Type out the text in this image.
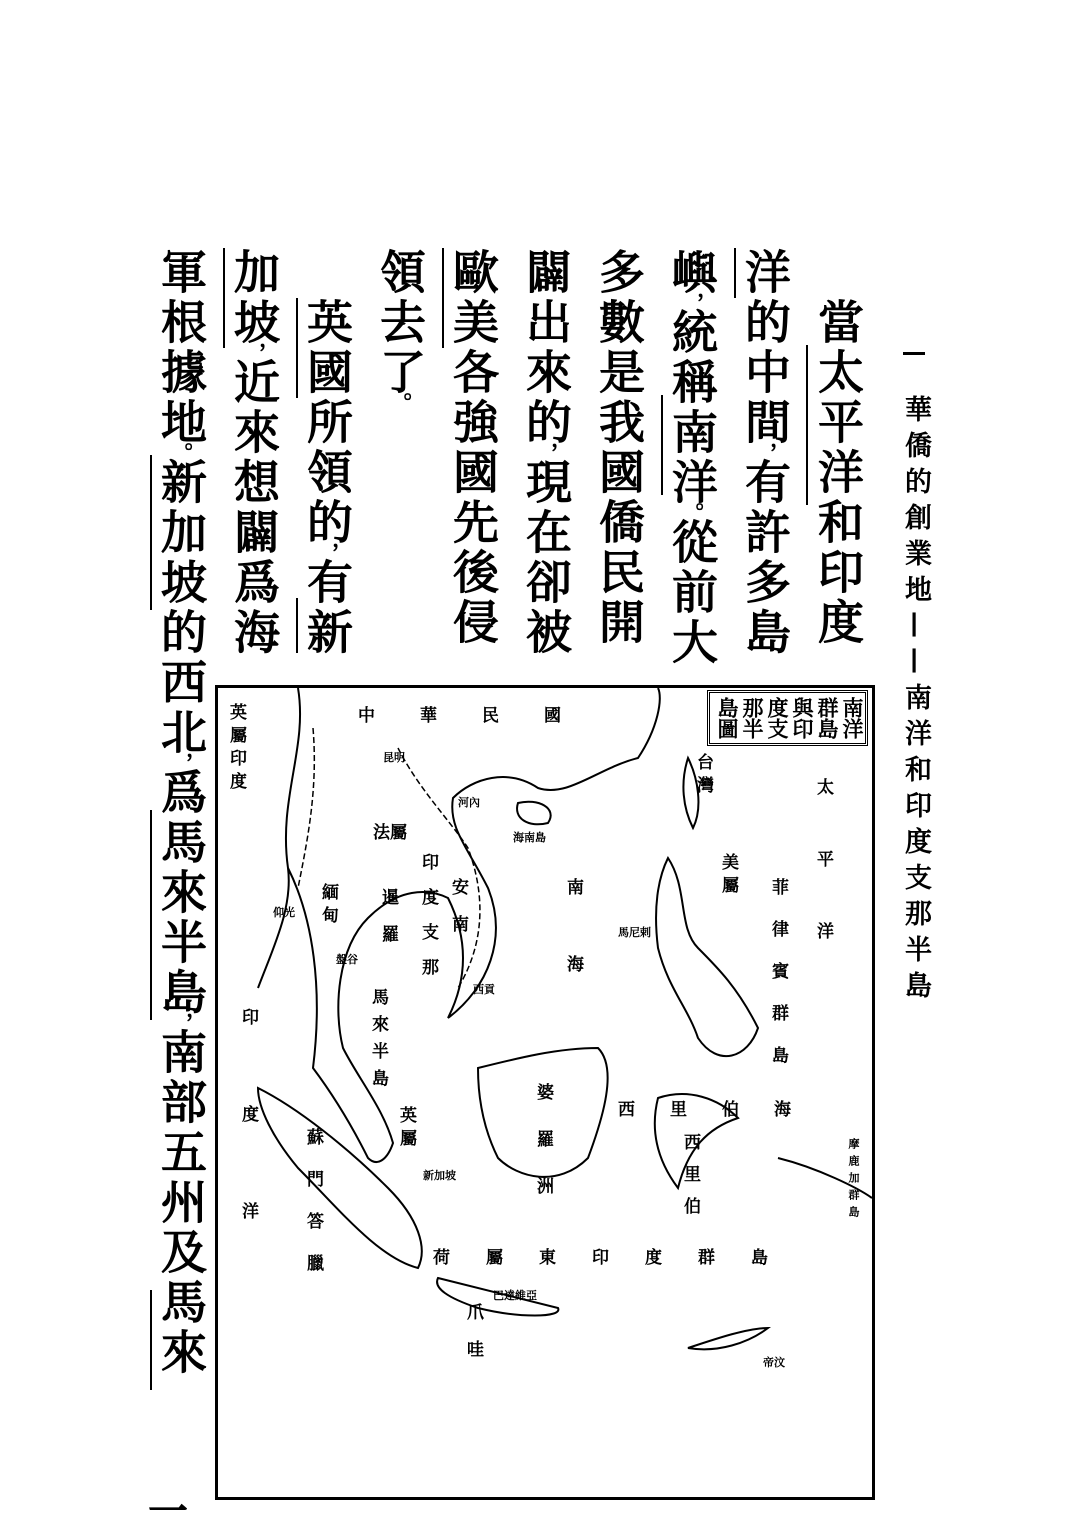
華僑的創業地——南洋和印度支那半島
當太平洋和印度
洋的中間，有許多島
嶼，統稱南洋。從前大
多數是我國僑民開
闢出來的，現在卻被
歐美各強國先後侵
領去了。
英國所領的，有新
加坡，近來想闢爲海
軍根據地。新加坡的西北，爲馬來半島，南部五州及馬來
南洋群島與印度支那半島圖
中華民國
太平洋
台灣
海南島
南海
美屬
菲律賓群島
馬尼剌
法屬
安南
印度支那
暹羅
盤谷
緬甸
英屬印度
仰光
馬來半島
英屬
新加坡
印度洋	蘇門答臘	婆羅洲	西里伯海
西里伯
荷屬東印度群島
爪哇
巴達維亞
帝汶
摩鹿加群島
昆明
河內
西貢
一
